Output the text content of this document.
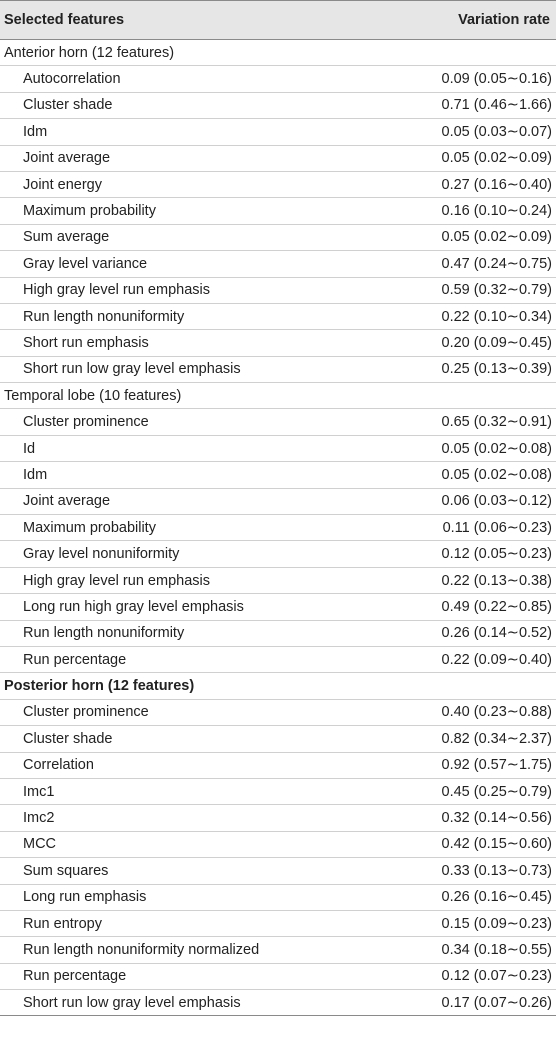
Selected features	Variation rate
Anterior horn (12 features)
Autocorrelation	0.09 (0.05∼0.16)
Cluster shade	0.71 (0.46∼1.66)
Idm	0.05 (0.03∼0.07)
Joint average	0.05 (0.02∼0.09)
Joint energy	0.27 (0.16∼0.40)
Maximum probability	0.16 (0.10∼0.24)
Sum average	0.05 (0.02∼0.09)
Gray level variance	0.47 (0.24∼0.75)
High gray level run emphasis	0.59 (0.32∼0.79)
Run length nonuniformity	0.22 (0.10∼0.34)
Short run emphasis	0.20 (0.09∼0.45)
Short run low gray level emphasis	0.25 (0.13∼0.39)
Temporal lobe (10 features)
Cluster prominence	0.65 (0.32∼0.91)
Id	0.05 (0.02∼0.08)
Idm	0.05 (0.02∼0.08)
Joint average	0.06 (0.03∼0.12)
Maximum probability	0.11 (0.06∼0.23)
Gray level nonuniformity	0.12 (0.05∼0.23)
High gray level run emphasis	0.22 (0.13∼0.38)
Long run high gray level emphasis	0.49 (0.22∼0.85)
Run length nonuniformity	0.26 (0.14∼0.52)
Run percentage	0.22 (0.09∼0.40)
Posterior horn (12 features)
Cluster prominence	0.40 (0.23∼0.88)
Cluster shade	0.82 (0.34∼2.37)
Correlation	0.92 (0.57∼1.75)
Imc1	0.45 (0.25∼0.79)
Imc2	0.32 (0.14∼0.56)
MCC	0.42 (0.15∼0.60)
Sum squares	0.33 (0.13∼0.73)
Long run emphasis	0.26 (0.16∼0.45)
Run entropy	0.15 (0.09∼0.23)
Run length nonuniformity normalized	0.34 (0.18∼0.55)
Run percentage	0.12 (0.07∼0.23)
Short run low gray level emphasis	0.17 (0.07∼0.26)
